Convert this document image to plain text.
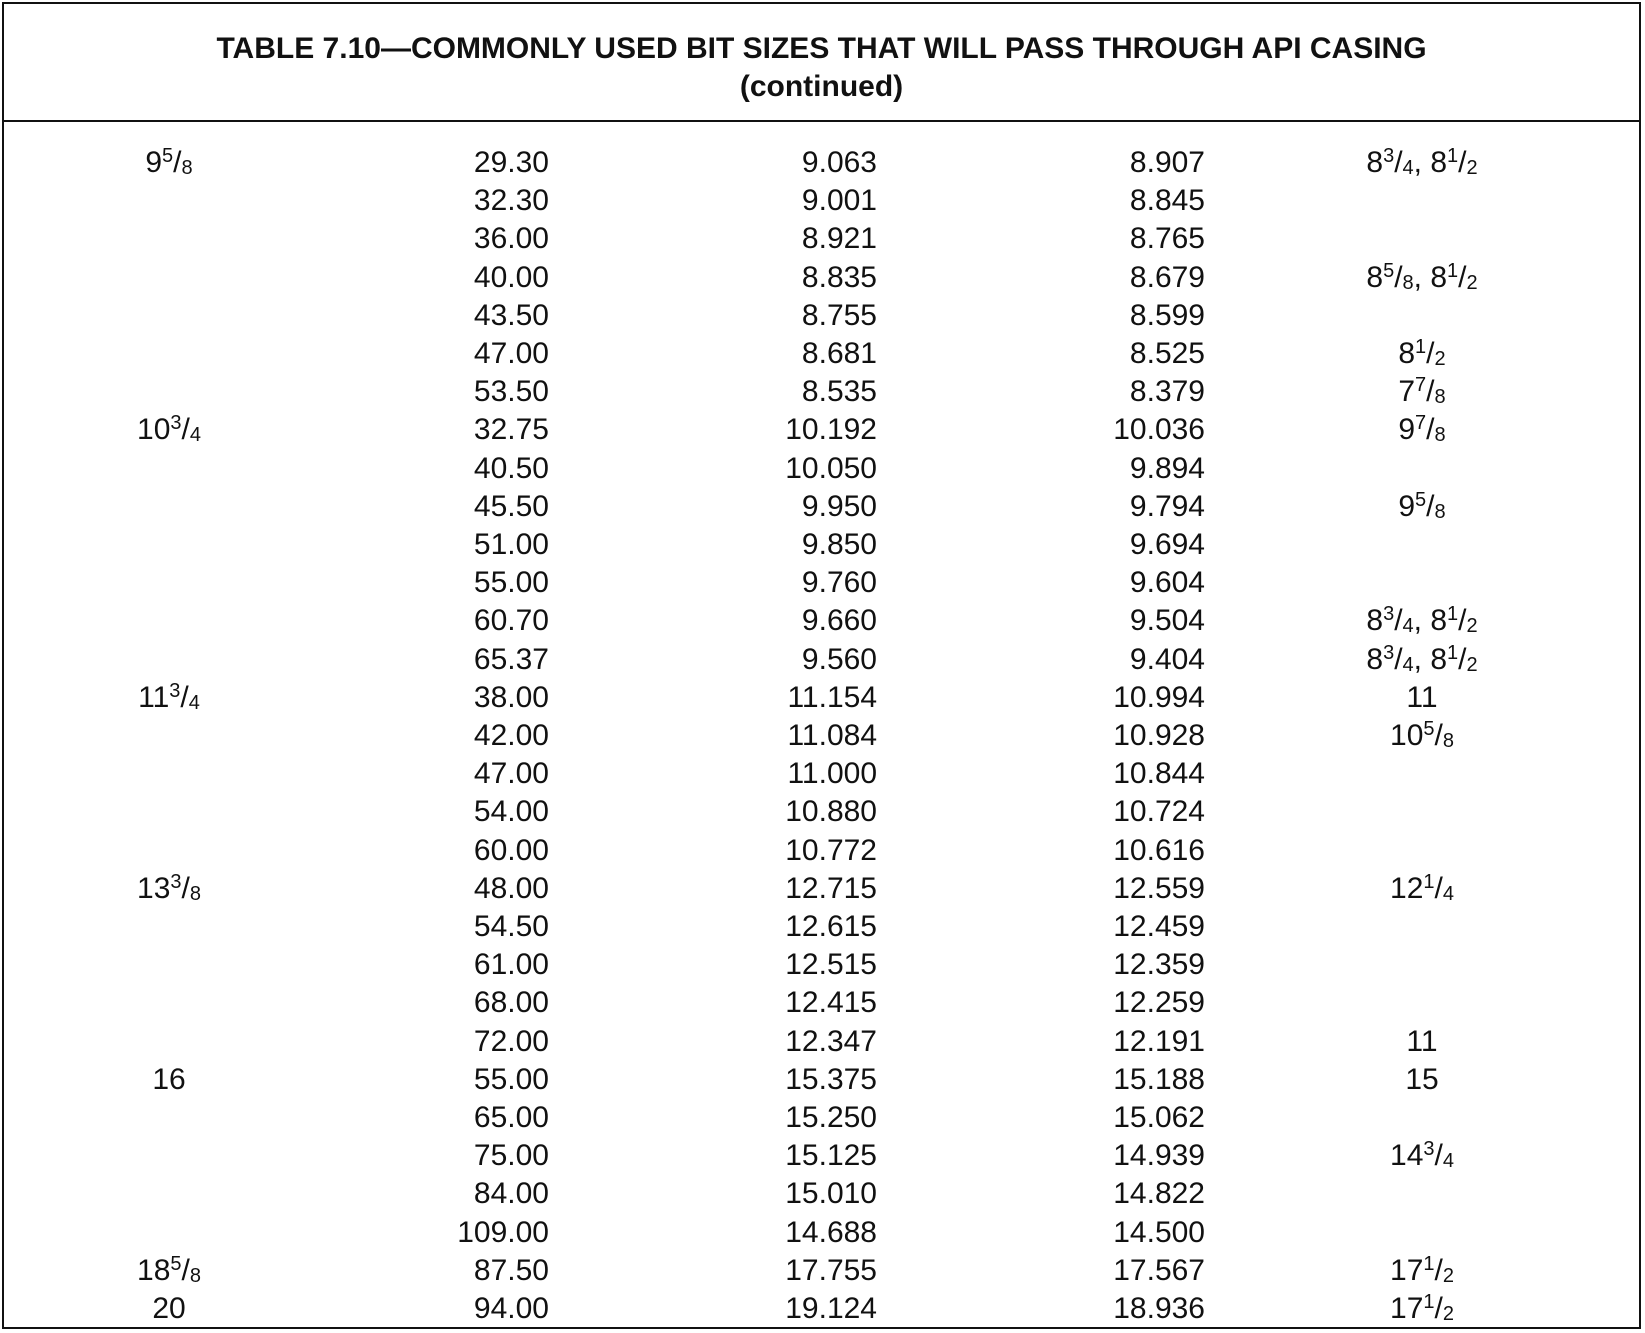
TABLE 7.10—COMMONLY USED BIT SIZES THAT WILL PASS THROUGH API CASING
(continued)
$9^5/_8$	29.30	9.063	8.907	$8^3/_4$, $8^1/_2$
	32.30	9.001	8.845	
	36.00	8.921	8.765	
	40.00	8.835	8.679	$8^5/_8$, $8^1/_2$
	43.50	8.755	8.599	
	47.00	8.681	8.525	$8^1/_2$
	53.50	8.535	8.379	$7^7/_8$
$10^3/_4$	32.75	10.192	10.036	$9^7/_8$
	40.50	10.050	9.894	
	45.50	9.950	9.794	$9^5/_8$
	51.00	9.850	9.694	
	55.00	9.760	9.604	
	60.70	9.660	9.504	$8^3/_4$, $8^1/_2$
	65.37	9.560	9.404	$8^3/_4$, $8^1/_2$
$11^3/_4$	38.00	11.154	10.994	11
	42.00	11.084	10.928	$10^5/_8$
	47.00	11.000	10.844	
	54.00	10.880	10.724	
	60.00	10.772	10.616	
$13^3/_8$	48.00	12.715	12.559	$12^1/_4$
	54.50	12.615	12.459	
	61.00	12.515	12.359	
	68.00	12.415	12.259	
	72.00	12.347	12.191	11
16	55.00	15.375	15.188	15
	65.00	15.250	15.062	
	75.00	15.125	14.939	$14^3/_4$
	84.00	15.010	14.822	
	109.00	14.688	14.500	
$18^5/_8$	87.50	17.755	17.567	$17^1/_2$
20	94.00	19.124	18.936	$17^1/_2$
